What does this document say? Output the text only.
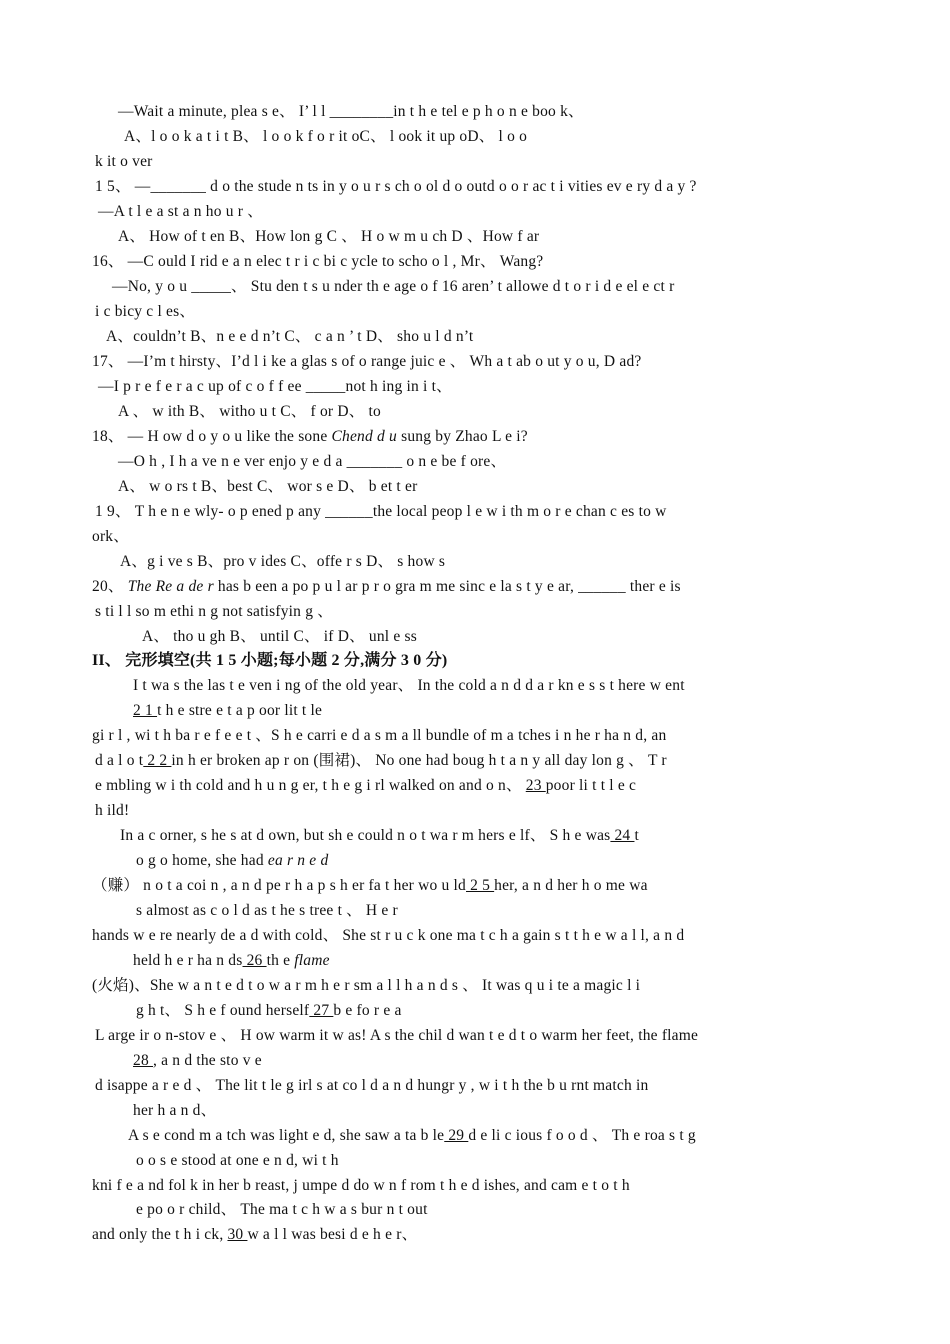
—Wait a minute, plea s e、 I’ l l ________in t h e tel e p h o n e boo k、
A、l o o k a t i t B、 l o o k f o r it oC、 l ook it up oD、 l o o
k it o ver
1 5、 —_______ d o the stude n ts in y o u r s ch o ol d o outd o o r ac t i vities ev e ry d a y ?
—A t l e a st a n ho u r 、
A、 How of t en B、How lon g C 、 H o w m u ch D 、How f ar
16、 —C ould I rid e a n elec t r i c bi c ycle to scho o l , Mr、 Wang?
—No, y o u _____、 Stu den t s u nder th e age o f 16 aren’ t allowe d t o r i d e el e ct r
i c bicy c l es、
A、couldn’t B、n e e d n’t C、 c a n ’ t D、 sho u l d n’t
17、 —I’m t hirsty、I’d l i ke a glas s of o range juic e 、 Wh a t ab o ut y o u, D ad?
—I p r e f e r a c up of c o f f ee _____not h ing in i t、
A 、 w ith B、 witho u t C、 f or D、 to
18、 — H ow d o y o u like the sone Chend d u sung by Zhao L e i?
—O h , I h a ve n e ver enjo y e d a _______ o n e be f ore、
A、 w o rs t B、best C、 wor s e D、 b et t er
1 9、 T h e n e wly- o p ened p any ______the local peop l e w i th m o r e chan c es to w
ork、
A、g i ve s B、pro v ides C、offe r s D、 s how s
20、 The Re a de r has b een a po p u l ar p r o gra m me sinc e la s t y e ar, ______ ther e is
s ti l l so m ethi n g not satisfyin g 、
A、 tho u gh B、 until C、 if D、 unl e ss
II、 完形填空(共 1 5 小题;每小题 2 分,满分 3 0 分)
I t wa s the las t e ven i ng of the old year、 In the cold a n d d a r kn e s s t here w ent
2 1 t h e stre e t a p oor lit t le
gi r l , wi t h ba r e f e e t 、S h e carri e d a s m a ll bundle of m a tches i n he r ha n d, an
d a l o t 2 2 in h er broken ap r on (围裙)、 No one had boug h t a n y all day lon g 、 T r
e mbling w i th cold and h u n g er, t h e g i rl walked on and o n、 23 poor li t t l e c
h ild!
In a c orner, s he s at d own, but sh e could n o t wa r m hers e lf、 S h e was 24 t
o g o home, she had ea r n e d
（赚） n o t a coi n , a n d pe r h a p s h er fa t her wo u ld 2 5 her, a n d her h o me wa
s almost as c o l d as t he s tree t 、 H e r
hands w e re nearly de a d with cold、 She st r u c k one ma t c h a gain s t t h e w a l l, a n d
held h e r ha n ds 26 th e flame
(火焰)、She w a n t e d t o w a r m h e r sm a l l h a n d s 、 It was q u i te a magic l i
g h t、 S h e f ound herself 27 b e fo r e a
L arge ir o n-stov e 、 H ow warm it w as! A s the chil d wan t e d t o warm her feet, the flame
28 , a n d the sto v e
d isappe a r e d 、 The lit t le g irl s at co l d a n d hungr y , w i t h the b u rnt match in
her h a n d、
A s e cond m a tch was light e d, she saw a ta b le 29 d e li c ious f o o d 、 Th e roa s t g
o o s e stood at one e n d, wi t h
kni f e a nd fol k in her b reast, j umpe d do w n f rom t h e d ishes, and cam e t o t h
e po o r child、 The ma t c h w a s bur n t out
and only the t h i ck, 30 w a l l was besi d e h e r、
